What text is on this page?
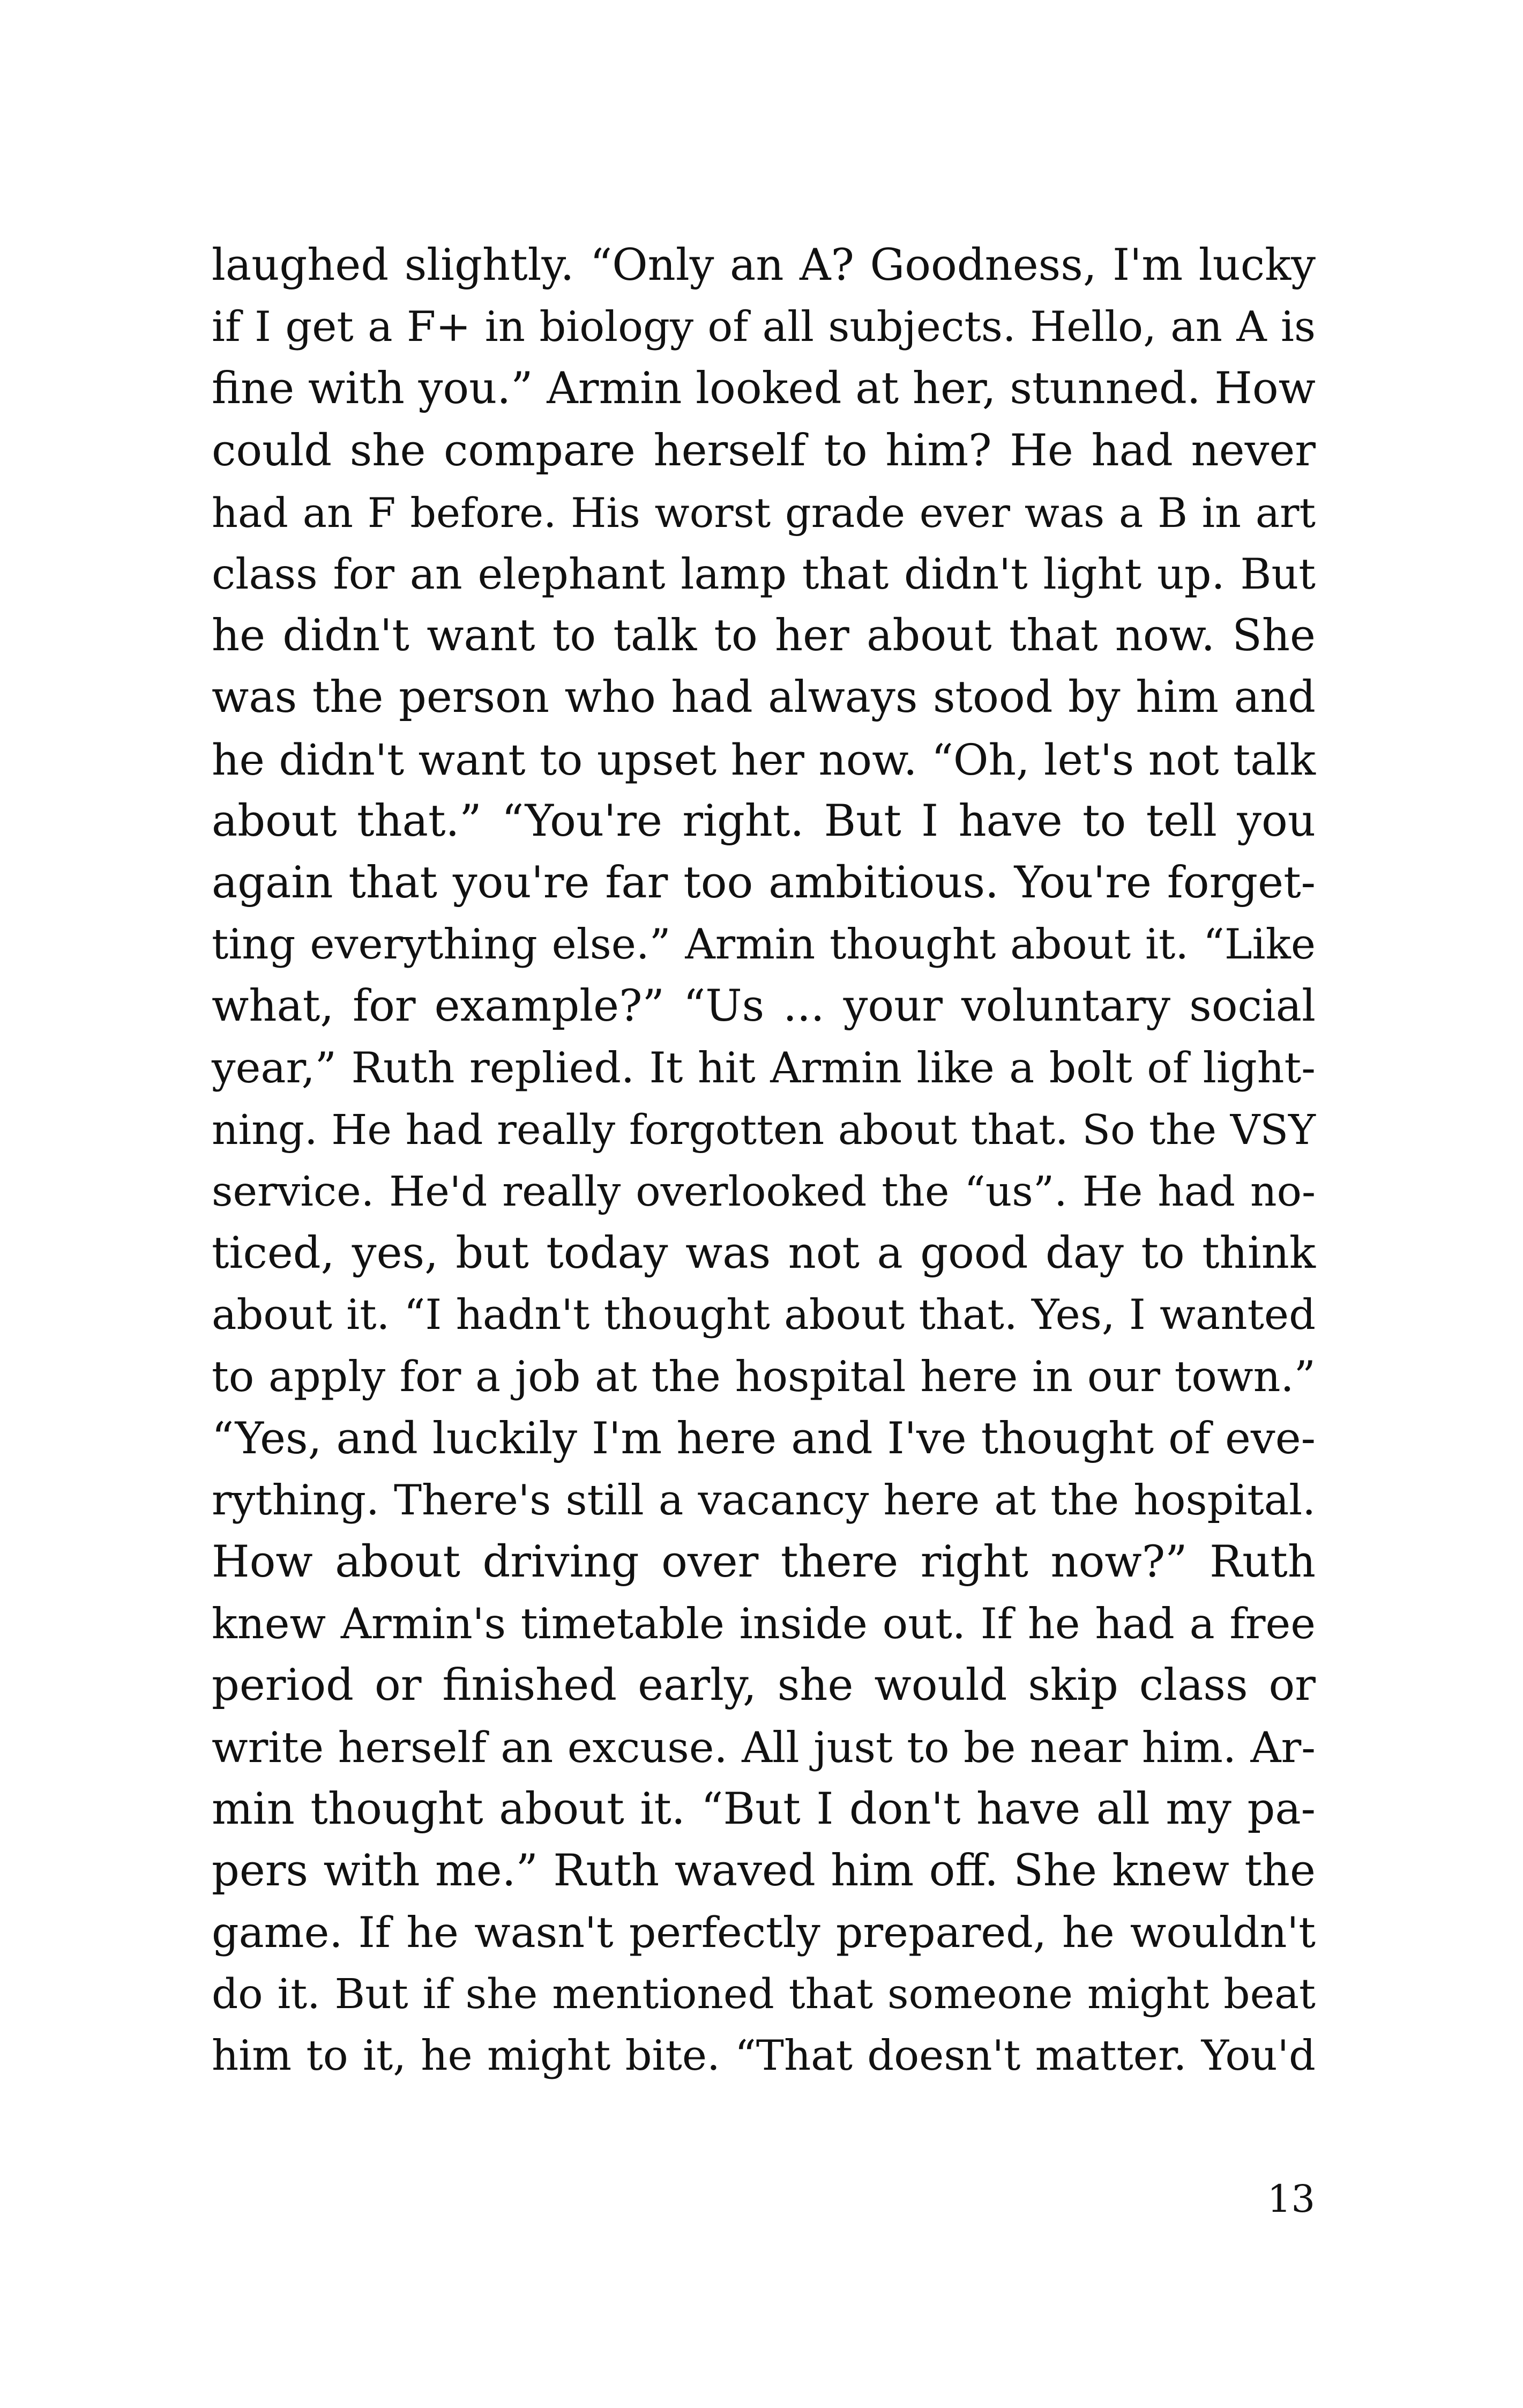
laughed slightly. “Only an A? Goodness, I'm lucky
if I get a F+ in biology of all subjects. Hello, an A is
fine with you.” Armin looked at her, stunned. How
could she compare herself to him? He had never
had an F before. His worst grade ever was a B in art
class for an elephant lamp that didn't light up. But
he didn't want to talk to her about that now. She
was the person who had always stood by him and
he didn't want to upset her now. “Oh, let's not talk
about that.” “You're right. But I have to tell you
again that you're far too ambitious. You're forget-
ting everything else.” Armin thought about it. “Like
what, for example?” “Us ... your voluntary social
year,” Ruth replied. It hit Armin like a bolt of light-
ning. He had really forgotten about that. So the VSY
service. He'd really overlooked the “us”. He had no-
ticed, yes, but today was not a good day to think
about it. “I hadn't thought about that. Yes, I wanted
to apply for a job at the hospital here in our town.”
“Yes, and luckily I'm here and I've thought of eve-
rything. There's still a vacancy here at the hospital.
How about driving over there right now?” Ruth
knew Armin's timetable inside out. If he had a free
period or finished early, she would skip class or
write herself an excuse. All just to be near him. Ar-
min thought about it. “But I don't have all my pa-
pers with me.” Ruth waved him off. She knew the
game. If he wasn't perfectly prepared, he wouldn't
do it. But if she mentioned that someone might beat
him to it, he might bite. “That doesn't matter. You'd
13
